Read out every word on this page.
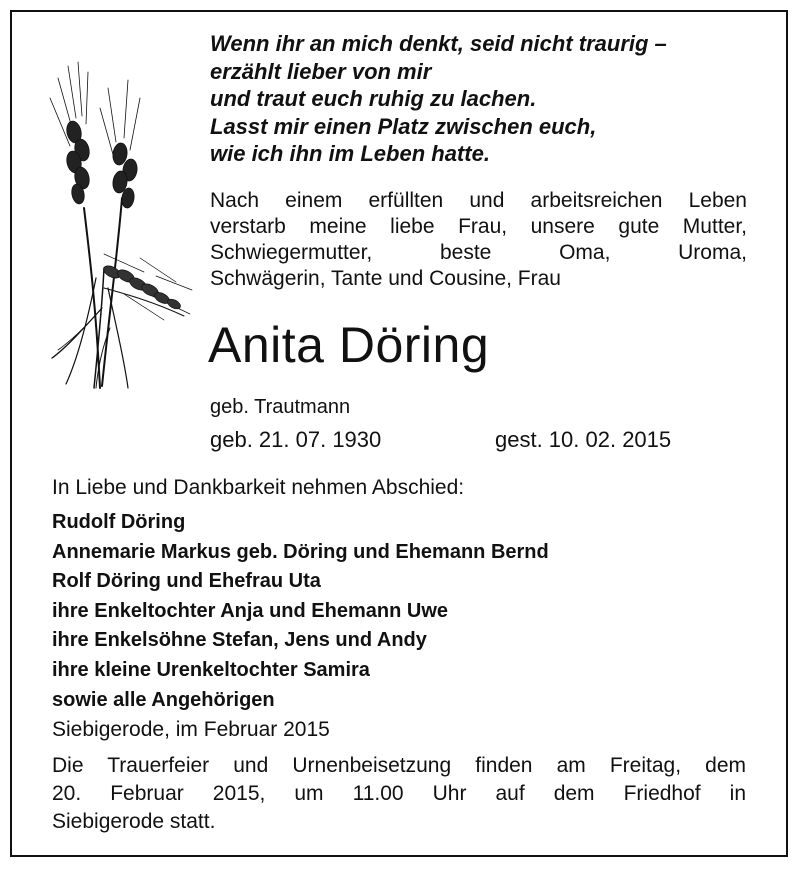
Wenn ihr an mich denkt, seid nicht traurig –
erzählt lieber von mir
und traut euch ruhig zu lachen.
Lasst mir einen Platz zwischen euch,
wie ich ihn im Leben hatte.
Nach einem erfüllten und arbeitsreichen Leben
verstarb meine liebe Frau, unsere gute Mutter,
Schwiegermutter, beste Oma, Uroma,
Schwägerin, Tante und Cousine, Frau
Anita Döring
geb. Trautmann
geb. 21. 07. 1930	gest. 10. 02. 2015
In Liebe und Dankbarkeit nehmen Abschied:
Rudolf Döring
Annemarie Markus geb. Döring und Ehemann Bernd
Rolf Döring und Ehefrau Uta
ihre Enkeltochter Anja und Ehemann Uwe
ihre Enkelsöhne Stefan, Jens und Andy
ihre kleine Urenkeltochter Samira
sowie alle Angehörigen
Siebigerode, im Februar 2015
Die Trauerfeier und Urnenbeisetzung finden am Freitag, dem
20. Februar 2015, um 11.00 Uhr auf dem Friedhof in
Siebigerode statt.
